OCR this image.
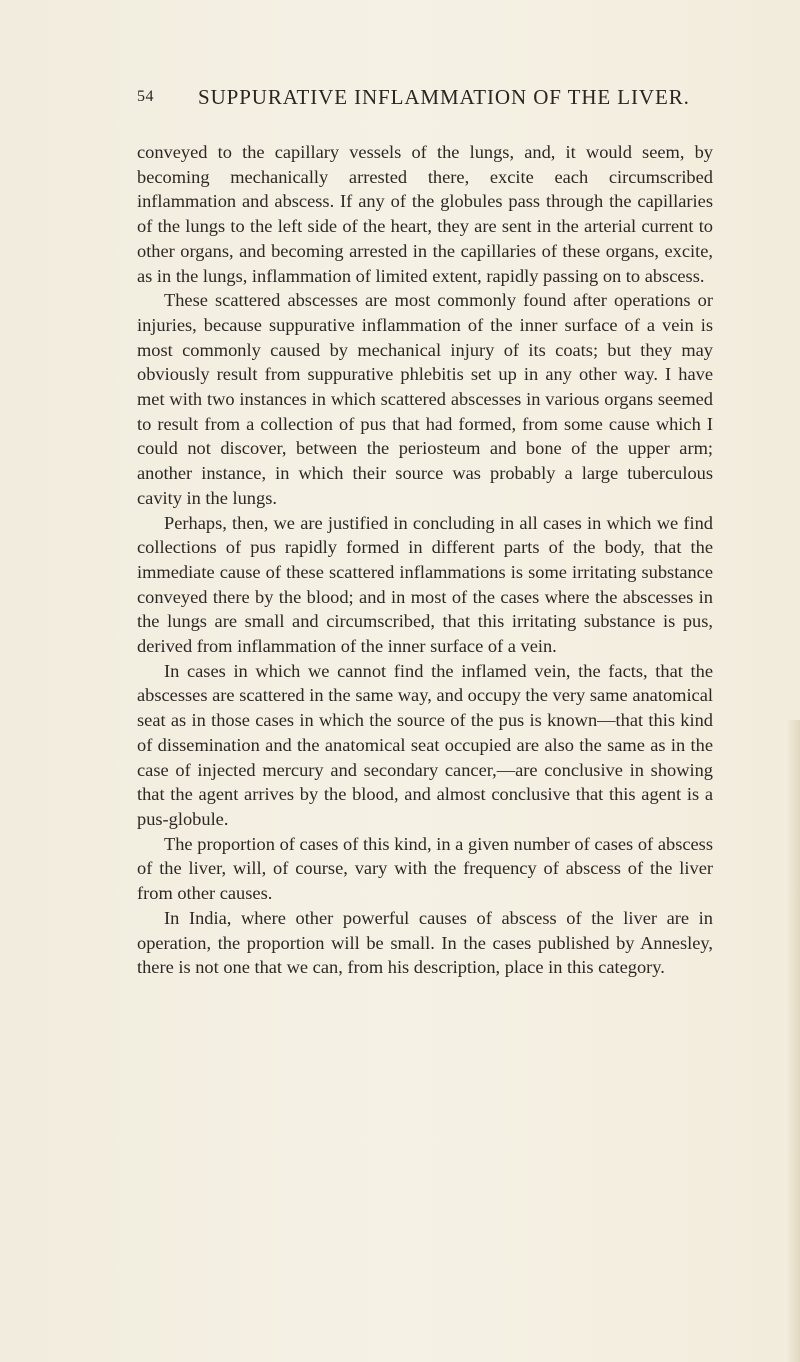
54 SUPPURATIVE INFLAMMATION OF THE LIVER.

conveyed to the capillary vessels of the lungs, and, it would seem, by becoming mechanically arrested there, excite each circumscribed inflammation and abscess. If any of the globules pass through the capillaries of the lungs to the left side of the heart, they are sent in the arterial current to other organs, and becoming arrested in the capillaries of these organs, excite, as in the lungs, inflammation of limited extent, rapidly passing on to abscess.

These scattered abscesses are most commonly found after operations or injuries, because suppurative inflammation of the inner surface of a vein is most commonly caused by mechanical injury of its coats; but they may obviously result from suppurative phlebitis set up in any other way. I have met with two instances in which scattered abscesses in various organs seemed to result from a collection of pus that had formed, from some cause which I could not discover, between the periosteum and bone of the upper arm; another instance, in which their source was probably a large tuberculous cavity in the lungs.

Perhaps, then, we are justified in concluding in all cases in which we find collections of pus rapidly formed in different parts of the body, that the immediate cause of these scattered inflammations is some irritating substance conveyed there by the blood; and in most of the cases where the abscesses in the lungs are small and circumscribed, that this irritating substance is pus, derived from inflammation of the inner surface of a vein.

In cases in which we cannot find the inflamed vein, the facts, that the abscesses are scattered in the same way, and occupy the very same anatomical seat as in those cases in which the source of the pus is known—that this kind of dissemination and the anatomical seat occupied are also the same as in the case of injected mercury and secondary cancer,—are conclusive in showing that the agent arrives by the blood, and almost conclusive that this agent is a pus-globule.

The proportion of cases of this kind, in a given number of cases of abscess of the liver, will, of course, vary with the frequency of abscess of the liver from other causes.

In India, where other powerful causes of abscess of the liver are in operation, the proportion will be small. In the cases published by Annesley, there is not one that we can, from his description, place in this category.
